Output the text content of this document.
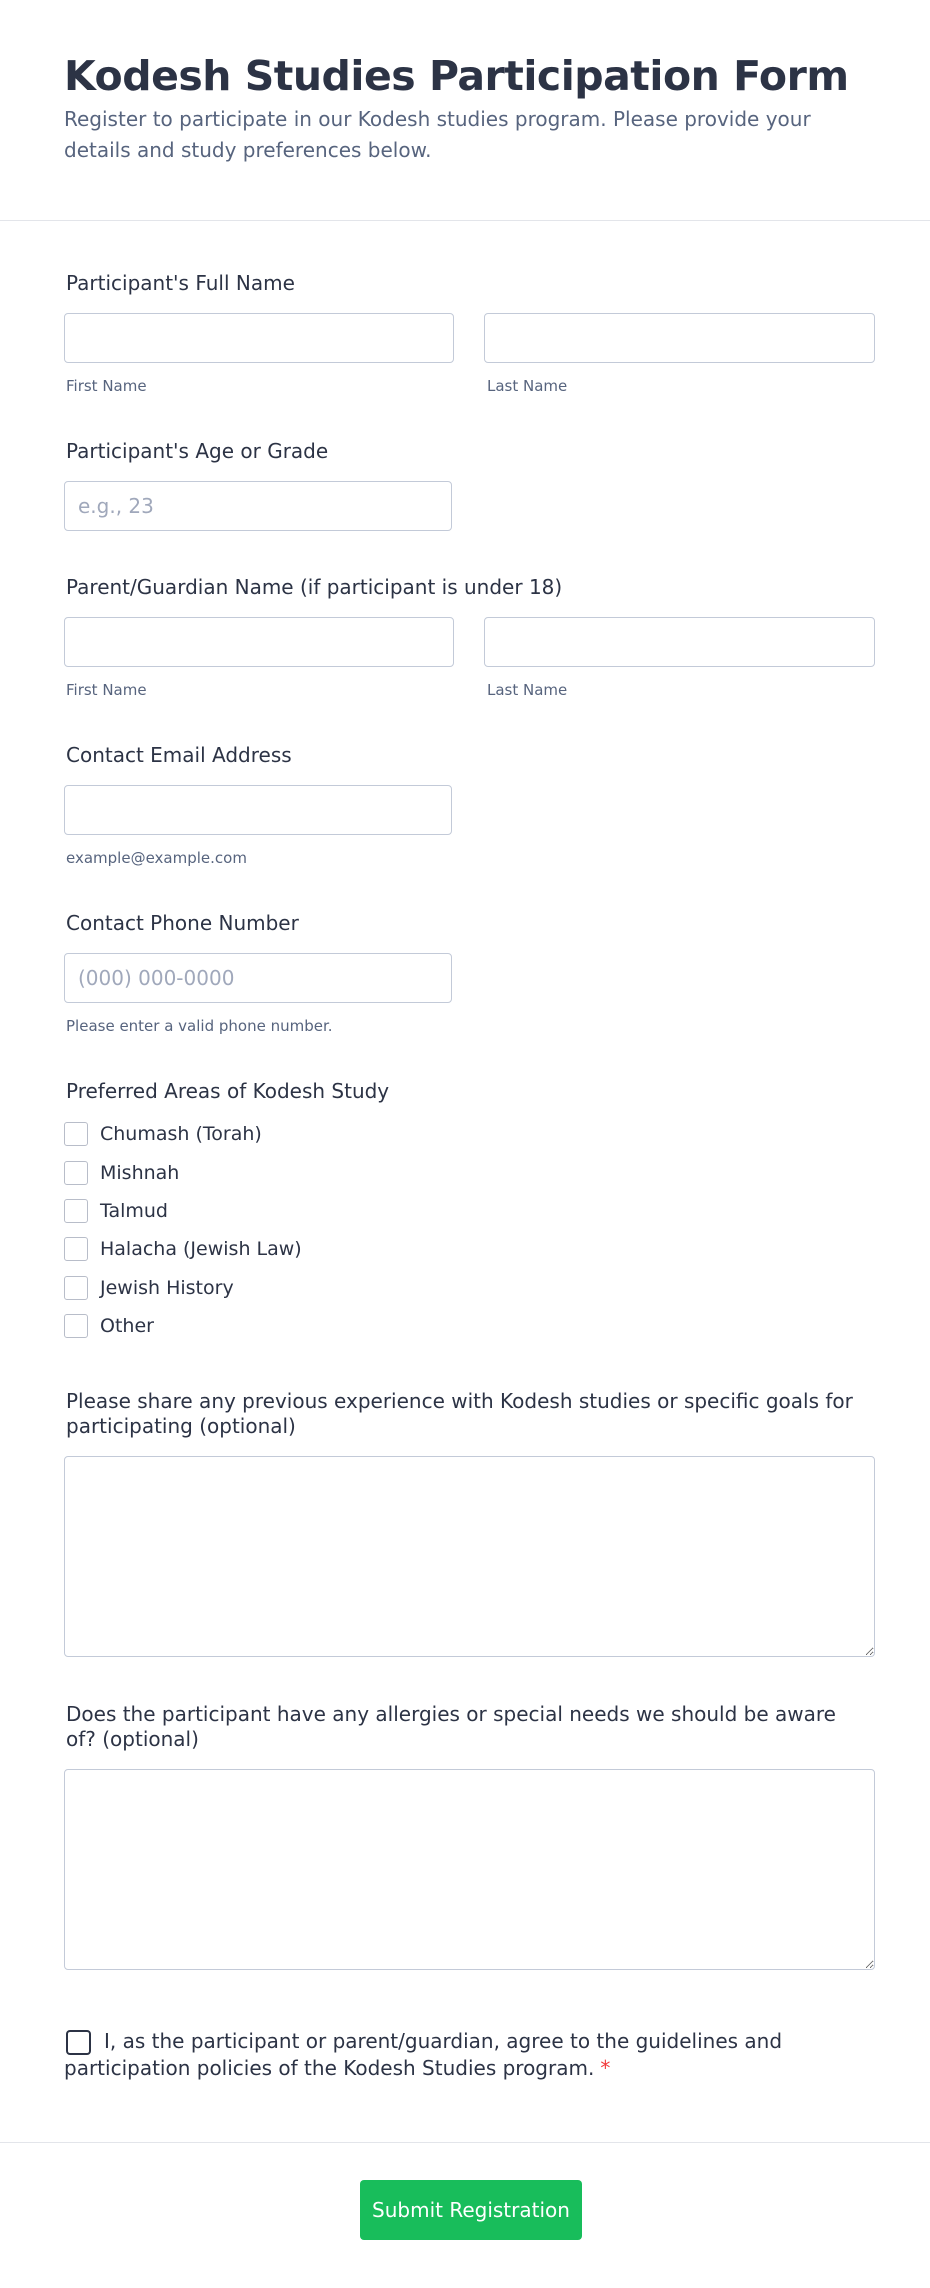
Kodesh Studies Participation Form

Register to participate in our Kodesh studies program. Please provide your details and study preferences below.

Participant's Full Name
First Name	Last Name
Participant's Age or Grade
e.g., 23
Parent/Guardian Name (if participant is under 18)
First Name	Last Name
Contact Email Address
example@example.com
Contact Phone Number
(000) 000-0000
Please enter a valid phone number.
Preferred Areas of Kodesh Study
Chumash (Torah)
Mishnah
Talmud
Halacha (Jewish Law)
Jewish History
Other
Please share any previous experience with Kodesh studies or specific goals for participating (optional)
Does the participant have any allergies or special needs we should be aware of? (optional)

I, as the participant or parent/guardian, agree to the guidelines and participation policies of the Kodesh Studies program. *

Submit Registration
